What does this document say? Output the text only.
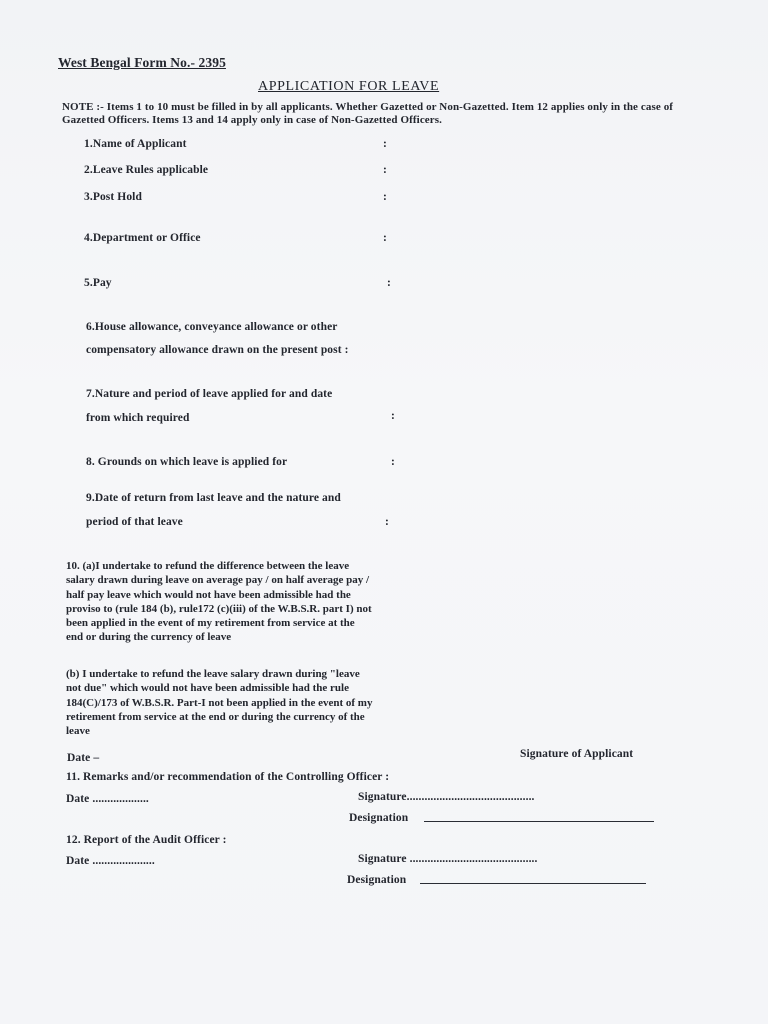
West Bengal Form No.- 2395
APPLICATION FOR LEAVE
NOTE :- Items 1 to 10 must be filled in by all applicants. Whether Gazetted or Non-Gazetted. Item 12 applies only in the case of Gazetted Officers. Items 13 and 14 apply only in case of Non-Gazetted Officers.
1.Name of Applicant	:
2.Leave Rules applicable	:
3.Post Hold	:
4.Department or Office	:
5.Pay	:
6.House allowance, conveyance allowance or other
compensatory allowance drawn on the present post :
7.Nature and period of leave applied for and date
from which required	:
8. Grounds on which leave is applied for	:
9.Date of return from last leave and the nature and
period of that leave	:
10. (a)I undertake to refund the difference between the leave salary drawn during leave on average pay / on half average pay / half pay leave which would not have been admissible had the proviso to (rule 184 (b), rule172 (c)(iii) of the W.B.S.R. part I) not been applied in the event of my retirement from service at the end or during the currency of leave
(b) I undertake to refund the leave salary drawn during "leave not due" which would not have been admissible had the rule 184(C)/173 of W.B.S.R. Part-I not been applied in the event of my retirement from service at the end or during the currency of the leave
Date –	Signature of Applicant
11. Remarks and/or recommendation of the Controlling Officer :
Date ...................	Signature...........................................
Designation
12. Report of the Audit Officer :
Date .....................	Signature ...........................................
Designation
